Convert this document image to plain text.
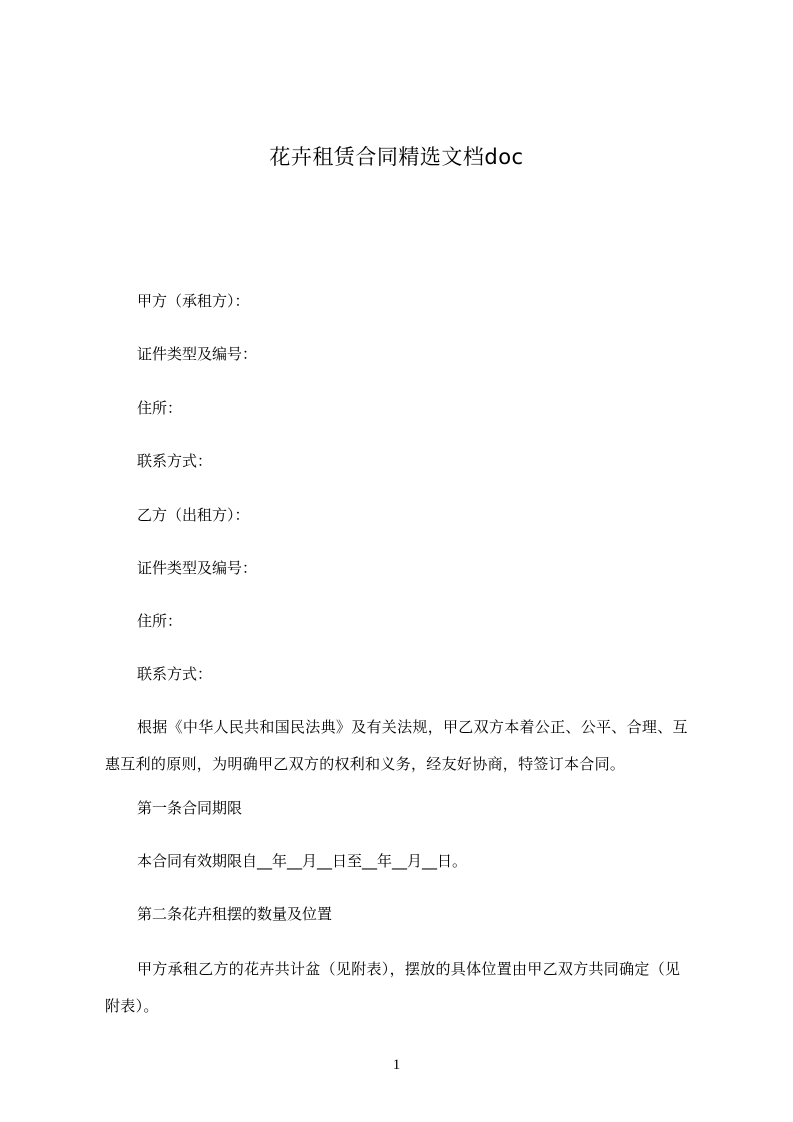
花卉租赁合同精选文档doc
甲方（承租方）：
证件类型及编号：
住所：
联系方式：
乙方（出租方）：
证件类型及编号：
住所：
联系方式：
根据《中华人民共和国民法典》及有关法规，甲乙双方本着公正、公平、合理、互惠互利的原则，为明确甲乙双方的权利和义务，经友好协商，特签订本合同。
第一条合同期限
本合同有效期限自__年__月__日至__年__月__日。
第二条花卉租摆的数量及位置
甲方承租乙方的花卉共计盆（见附表），摆放的具体位置由甲乙双方共同确定（见附表）。
1
